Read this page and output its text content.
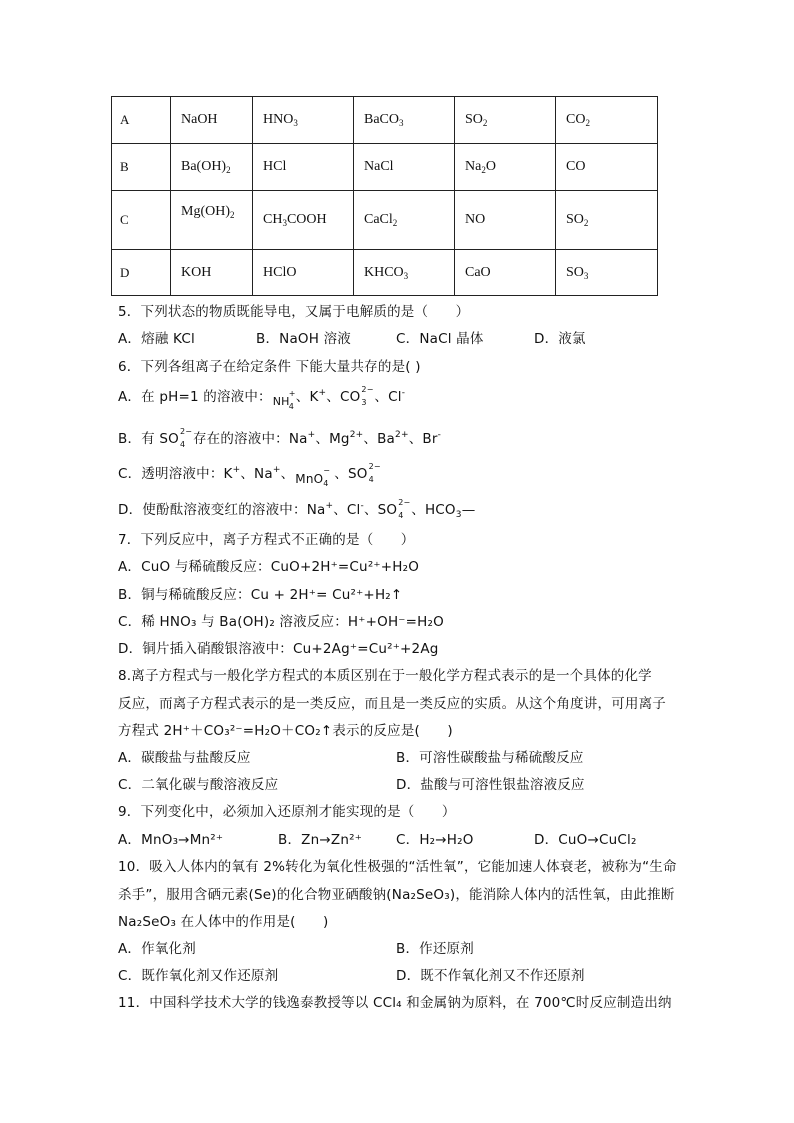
A	NaOH	$HNO_3$	BaCO$_3$	$SO_2$	$CO_2$
B	$Ba(OH)_2$	HCl	NaCl	$Na_2O$	CO
C	$Mg(OH)_2$	$CH_3COOH$	CaCl$_2$	NO	$SO_2$
D	KOH	HClO	$KHCO_3$	CaO	$SO_3$
5．下列状态的物质既能导电，又属于电解质的是（　　）
A．熔融 KCl	B．NaOH 溶液	C．NaCl 晶体	D．液氯
6．下列各组离子在给定条件 下能大量共存的是( )
A．在 pH=1 的溶液中： NH
+
4
、K+、CO 2−
3 、Cl-
B．有 SO 2−
4 存在的溶液中：Na+、$Mg^{2+}$、$Ba^{2+}$、Br-
C．透明溶液中：K+、Na+、 MnO
−
4
、SO 2−
4
D．使酚酞溶液变红的溶液中：Na+、Cl-、SO 2−
4 、$HCO_3—$
7．下列反应中，离子方程式不正确的是（　　）
A．CuO 与稀硫酸反应：CuO+2H⁺=Cu²⁺+H₂O
B．铜与稀硫酸反应：Cu + 2H⁺= Cu²⁺+H₂↑
C．稀 HNO₃ 与 Ba(OH)₂ 溶液反应：H⁺+OH⁻=H₂O
D．铜片插入硝酸银溶液中：Cu+2Ag⁺=Cu²⁺+2Ag
8.离子方程式与一般化学方程式的本质区别在于一般化学方程式表示的是一个具体的化学
反应，而离子方程式表示的是一类反应，而且是一类反应的实质。从这个角度讲，可用离子
方程式 2H⁺＋CO₃²⁻=H₂O＋CO₂↑表示的反应是(　　)
A．碳酸盐与盐酸反应	B．可溶性碳酸盐与稀硫酸反应
C．二氧化碳与酸溶液反应	D．盐酸与可溶性银盐溶液反应
9．下列变化中，必须加入还原剂才能实现的是（　　）
A．MnO₃→Mn²⁺	B．Zn→Zn²⁺	C．H₂→H₂O	D．CuO→CuCl₂
10．吸入人体内的氧有 2%转化为氧化性极强的“活性氧”，它能加速人体衰老，被称为“生命
杀手”，服用含硒元素(Se)的化合物亚硒酸钠(Na₂SeO₃)，能消除人体内的活性氧，由此推断
Na₂SeO₃ 在人体中的作用是(　　)
A．作氧化剂	B．作还原剂
C．既作氧化剂又作还原剂	D．既不作氧化剂又不作还原剂
11．中国科学技术大学的钱逸泰教授等以 CCl₄ 和金属钠为原料，在 700℃时反应制造出纳
